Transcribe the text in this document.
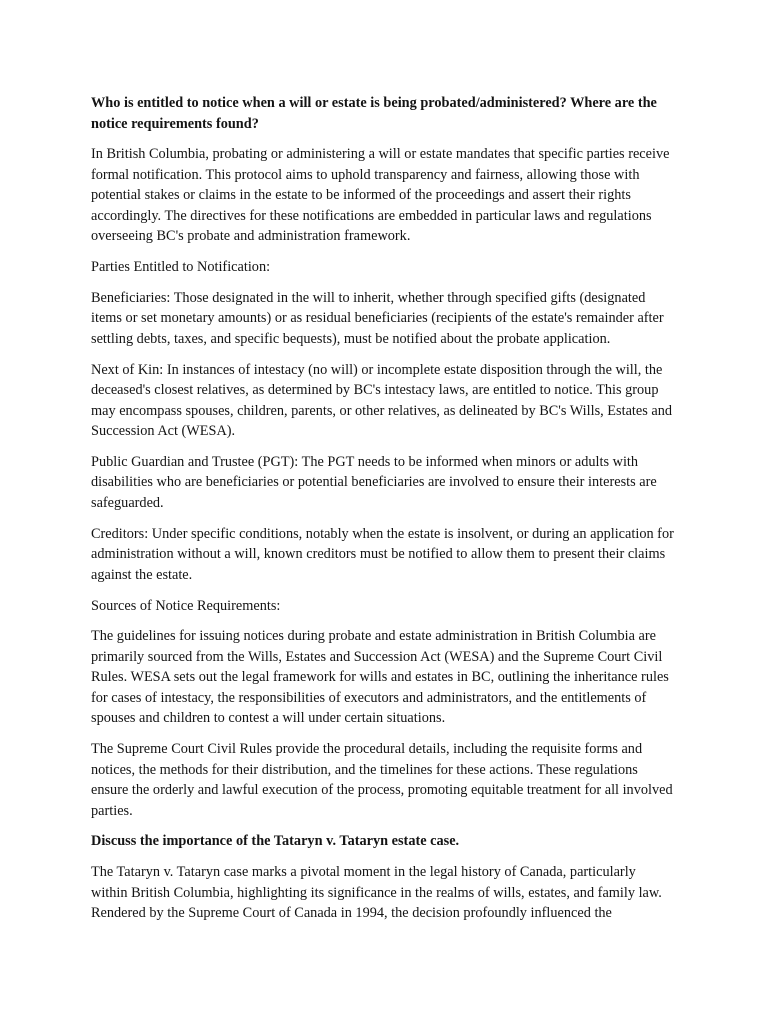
Who is entitled to notice when a will or estate is being probated/administered? Where are the notice requirements found?

In British Columbia, probating or administering a will or estate mandates that specific parties receive formal notification. This protocol aims to uphold transparency and fairness, allowing those with potential stakes or claims in the estate to be informed of the proceedings and assert their rights accordingly. The directives for these notifications are embedded in particular laws and regulations overseeing BC's probate and administration framework.

Parties Entitled to Notification:

Beneficiaries: Those designated in the will to inherit, whether through specified gifts (designated items or set monetary amounts) or as residual beneficiaries (recipients of the estate's remainder after settling debts, taxes, and specific bequests), must be notified about the probate application.

Next of Kin: In instances of intestacy (no will) or incomplete estate disposition through the will, the deceased's closest relatives, as determined by BC's intestacy laws, are entitled to notice. This group may encompass spouses, children, parents, or other relatives, as delineated by BC's Wills, Estates and Succession Act (WESA).

Public Guardian and Trustee (PGT): The PGT needs to be informed when minors or adults with disabilities who are beneficiaries or potential beneficiaries are involved to ensure their interests are safeguarded.

Creditors: Under specific conditions, notably when the estate is insolvent, or during an application for administration without a will, known creditors must be notified to allow them to present their claims against the estate.

Sources of Notice Requirements:

The guidelines for issuing notices during probate and estate administration in British Columbia are primarily sourced from the Wills, Estates and Succession Act (WESA) and the Supreme Court Civil Rules. WESA sets out the legal framework for wills and estates in BC, outlining the inheritance rules for cases of intestacy, the responsibilities of executors and administrators, and the entitlements of spouses and children to contest a will under certain situations.

The Supreme Court Civil Rules provide the procedural details, including the requisite forms and notices, the methods for their distribution, and the timelines for these actions. These regulations ensure the orderly and lawful execution of the process, promoting equitable treatment for all involved parties.

Discuss the importance of the Tataryn v. Tataryn estate case.

The Tataryn v. Tataryn case marks a pivotal moment in the legal history of Canada, particularly within British Columbia, highlighting its significance in the realms of wills, estates, and family law. Rendered by the Supreme Court of Canada in 1994, the decision profoundly influenced the
